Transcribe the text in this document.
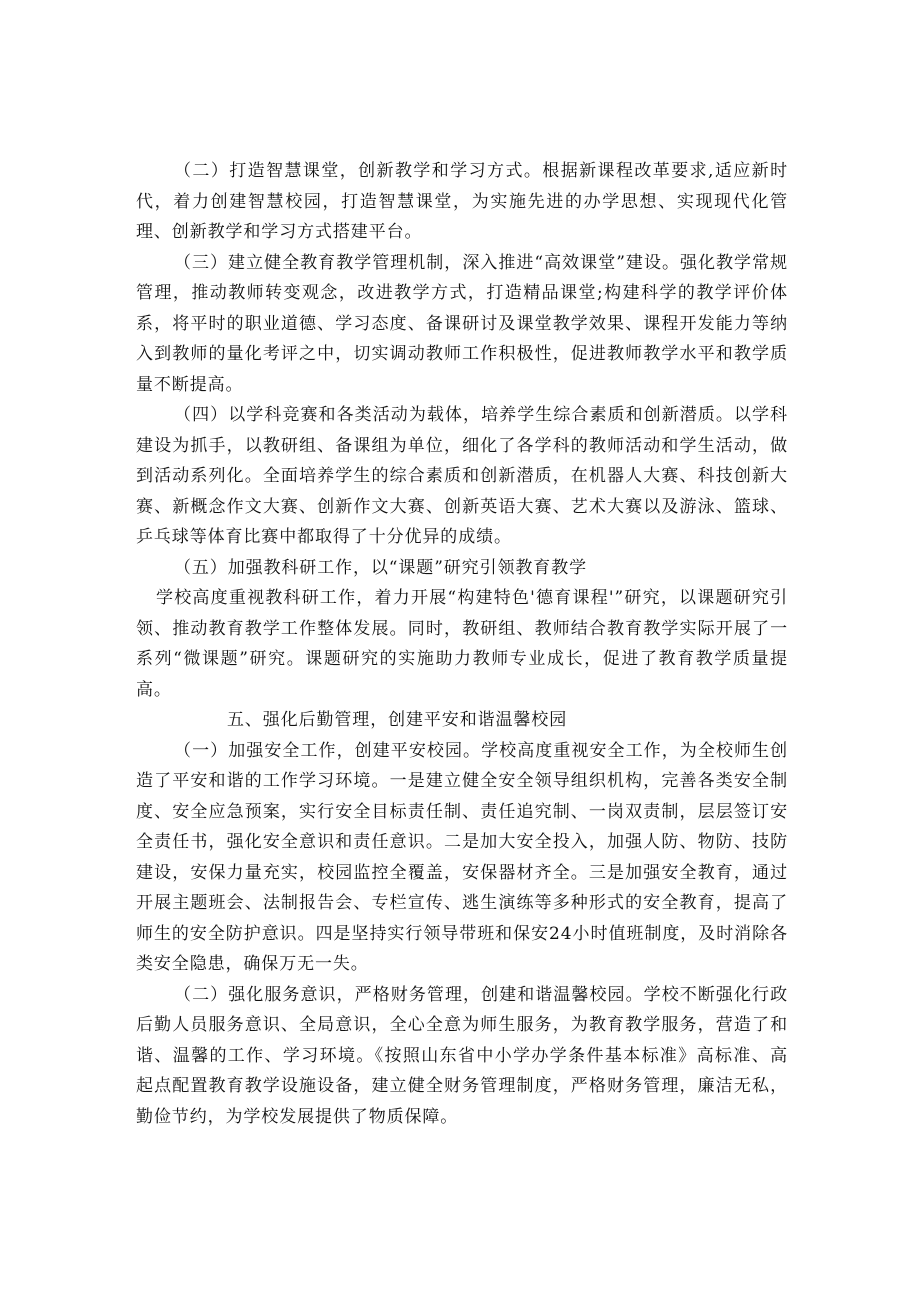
（二）打造智慧课堂，创新教学和学习方式。根据新课程改革要求,适应新时代，着力创建智慧校园，打造智慧课堂，为实施先进的办学思想、实现现代化管理、创新教学和学习方式搭建平台。

（三）建立健全教育教学管理机制，深入推进“高效课堂”建设。强化教学常规管理，推动教师转变观念，改进教学方式，打造精品课堂;构建科学的教学评价体系，将平时的职业道德、学习态度、备课研讨及课堂教学效果、课程开发能力等纳入到教师的量化考评之中，切实调动教师工作积极性，促进教师教学水平和教学质量不断提高。

（四）以学科竞赛和各类活动为载体，培养学生综合素质和创新潜质。以学科建设为抓手，以教研组、备课组为单位，细化了各学科的教师活动和学生活动，做到活动系列化。全面培养学生的综合素质和创新潜质，在机器人大赛、科技创新大赛、新概念作文大赛、创新作文大赛、创新英语大赛、艺术大赛以及游泳、篮球、乒乓球等体育比赛中都取得了十分优异的成绩。

（五）加强教科研工作，以“课题”研究引领教育教学

学校高度重视教科研工作，着力开展“构建特色'德育课程'”研究，以课题研究引领、推动教育教学工作整体发展。同时，教研组、教师结合教育教学实际开展了一系列“微课题”研究。课题研究的实施助力教师专业成长，促进了教育教学质量提高。

五、强化后勤管理，创建平安和谐温馨校园

（一）加强安全工作，创建平安校园。学校高度重视安全工作，为全校师生创造了平安和谐的工作学习环境。一是建立健全安全领导组织机构，完善各类安全制度、安全应急预案，实行安全目标责任制、责任追究制、一岗双责制，层层签订安全责任书，强化安全意识和责任意识。二是加大安全投入，加强人防、物防、技防建设，安保力量充实，校园监控全覆盖，安保器材齐全。三是加强安全教育，通过开展主题班会、法制报告会、专栏宣传、逃生演练等多种形式的安全教育，提高了师生的安全防护意识。四是坚持实行领导带班和保安24小时值班制度，及时消除各类安全隐患，确保万无一失。

（二）强化服务意识，严格财务管理，创建和谐温馨校园。学校不断强化行政后勤人员服务意识、全局意识，全心全意为师生服务，为教育教学服务，营造了和谐、温馨的工作、学习环境。《按照山东省中小学办学条件基本标准》高标准、高起点配置教育教学设施设备，建立健全财务管理制度，严格财务管理，廉洁无私，勤俭节约，为学校发展提供了物质保障。
